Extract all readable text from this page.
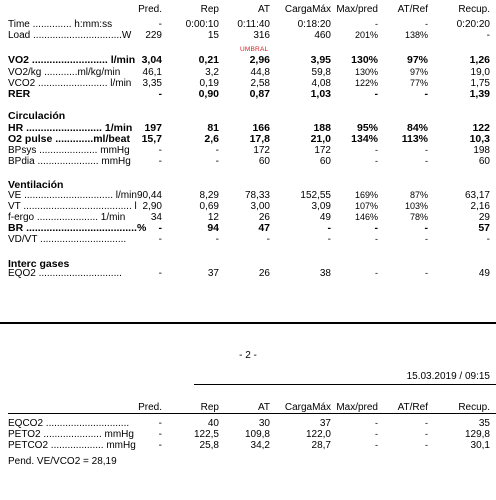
Pred.	Rep	AT CargaMáx Max/pred AT/Ref	Recup.
Time .............. h:mm:ss	- 0:00:10 0:11:40	0:18:20	-	-	0:20:20
Load ................................W 229	15	316	460	201%	138%	-
UMBRAL
VO2 .......................... l/min 3,04	0,21	2,96	3,95 130%	97%	1,26
VO2/kg ............ml/kg/min 46,1	3,2	44,8	59,8	130%	97%	19,0
VCO2 ......................... l/min 3,35	0,19	2,58	4,08	122%	77%	1,75
RER	-	0,90	0,87	1,03	-	-	1,39
Circulación
HR .......................... 1/min 197	81	166	188 95%	84%	122
O2 pulse .............ml/beat 15,7	2,6	17,8	21,0 134% 113%	10,3
BPsys ..................... mmHg	-	-	172	172	-	-	198
BPdia ...................... mmHg	-	-	60	60	-	-	60
Ventilación
VE ................................ l/min 90,44	8,29	78,33	152,55	169%	87%	63,17
VT ....................................... l 2,90	0,69	3,00	3,09	107%	103%	2,16
f-ergo ...................... 1/min	34	12	26	49	146%	78%	29
BR ......................................% -	94	47	-	-	-	57
VD/VT ...............................	-	-	-	-	-	-	-
Interc gases
EQO2 ..............................	-	37	26	38	-	-	49
- 2 -
15.03.2019 / 09:15
Pred.	Rep	AT CargaMáx Max/pred AT/Ref	Recup.
EQCO2 ..............................	-	40	30	37	-	-	35
PETO2 ..................... mmHg -	122,5	109,8	122,0	-	-	129,8
PETCO2 ................... mmHg -	25,8	34,2	28,7	-	-	30,1
Pend. VE/VCO2 = 28,19
